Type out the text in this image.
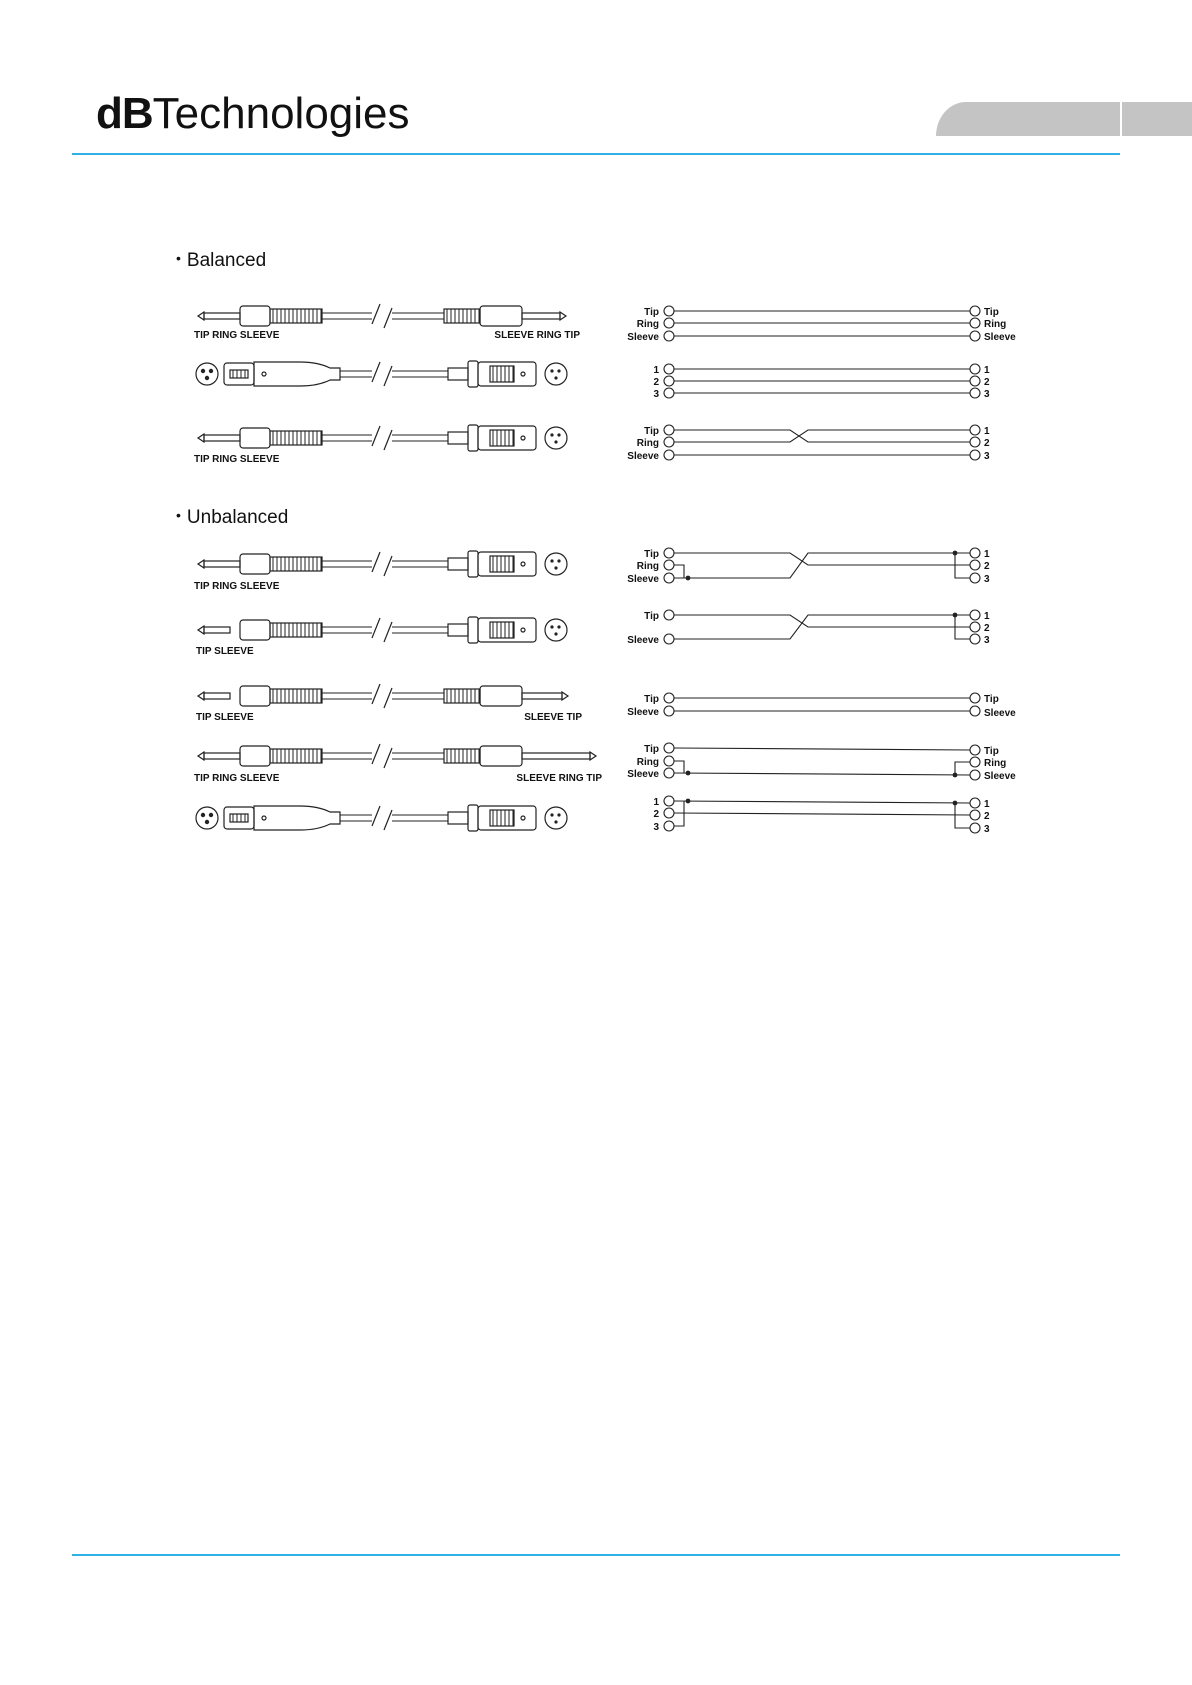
dBTechnologies
• Balanced
• Unbalanced
TIP RING SLEEVE	SLEEVE RING TIP
TIP RING SLEEVE
TIP RING SLEEVE
TIP SLEEVE
TIP SLEEVE	SLEEVE TIP
TIP RING SLEEVE	SLEEVE RING TIP
Tip
Ring
Sleeve
Tip
Ring
Sleeve
1
2
3
1
2
3
Tip
Ring
Sleeve
1
2
3
Tip
Ring
Sleeve
1
2
3
Tip
Sleeve
1
2
3
Tip
Sleeve
Tip
Sleeve
Tip
Ring
Sleeve
Tip
Ring
Sleeve
1
2
3
1
2
3
